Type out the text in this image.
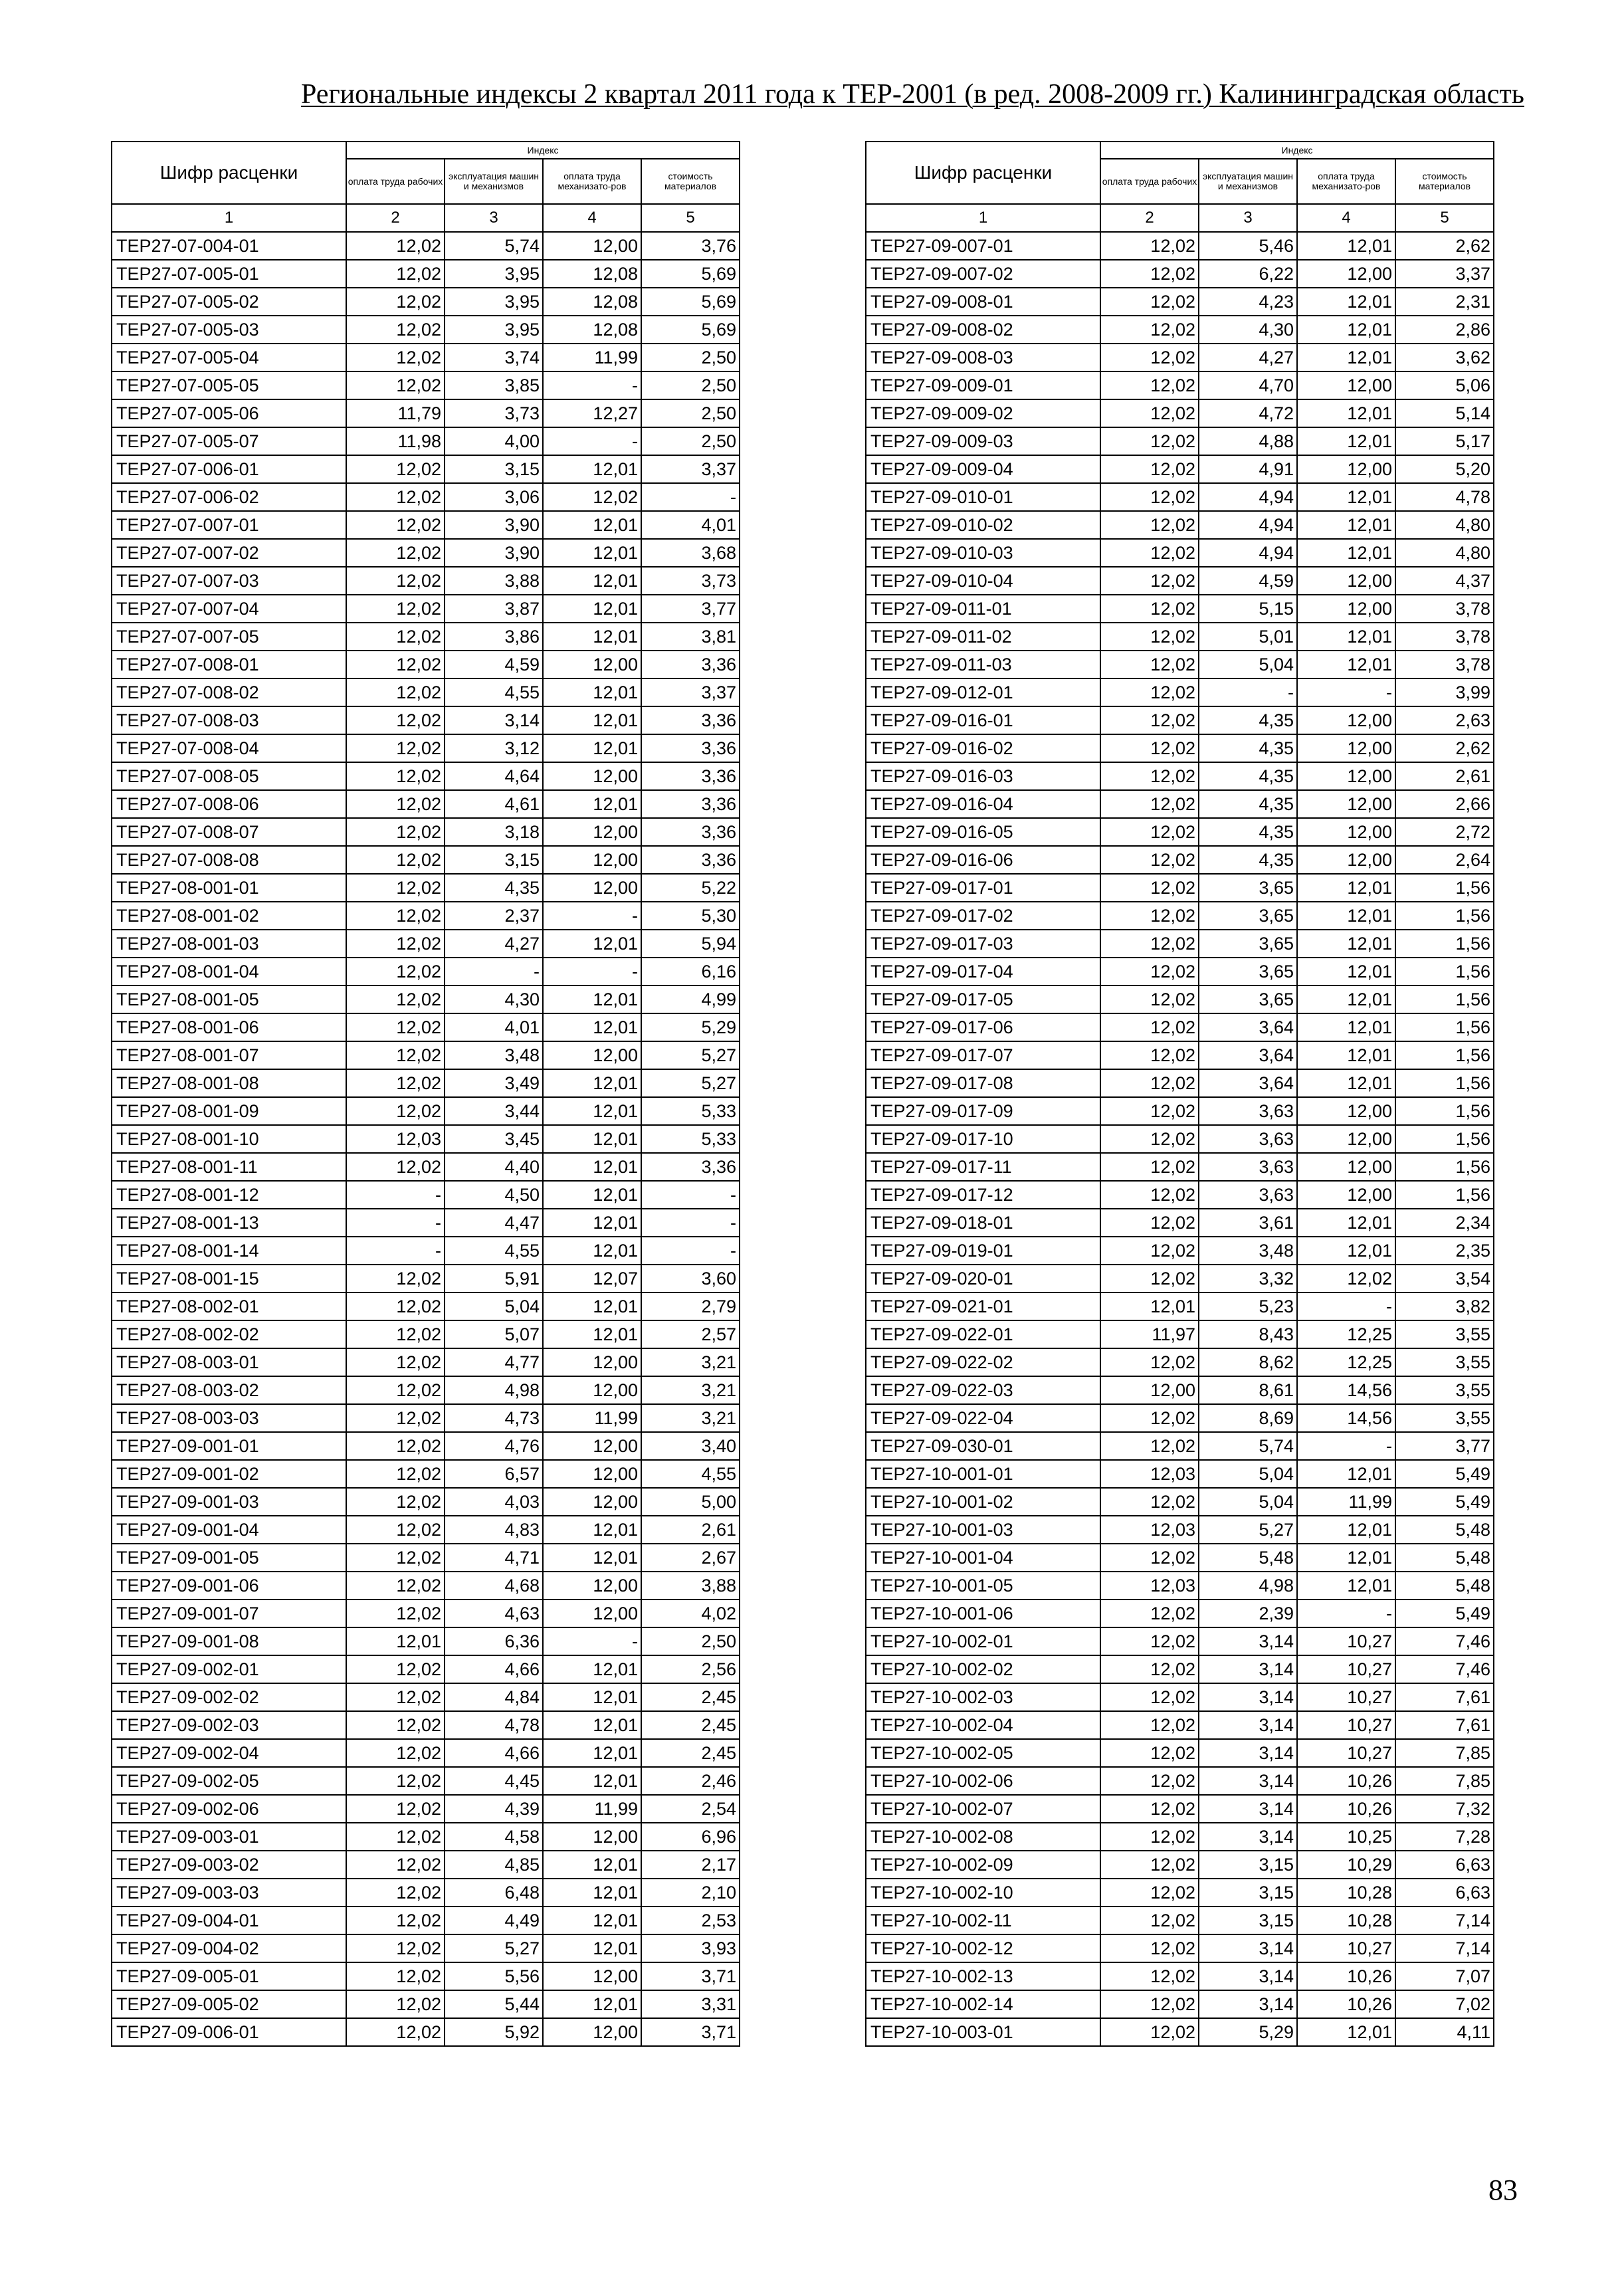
Региональные индексы 2 квартал 2011 года к ТЕР-2001 (в ред. 2008-2009 гг.) Калининградская область
Шифр расценки	Индекс			
	оплата труда рабочих	эксплуатация машин и механизмов	оплата труда механизато-ров	стоимость материалов
1	2	3	4	5
ТЕР27-07-004-01	12,02	5,74	12,00	3,76
ТЕР27-07-005-01	12,02	3,95	12,08	5,69
ТЕР27-07-005-02	12,02	3,95	12,08	5,69
ТЕР27-07-005-03	12,02	3,95	12,08	5,69
ТЕР27-07-005-04	12,02	3,74	11,99	2,50
ТЕР27-07-005-05	12,02	3,85	-	2,50
ТЕР27-07-005-06	11,79	3,73	12,27	2,50
ТЕР27-07-005-07	11,98	4,00	-	2,50
ТЕР27-07-006-01	12,02	3,15	12,01	3,37
ТЕР27-07-006-02	12,02	3,06	12,02	-
ТЕР27-07-007-01	12,02	3,90	12,01	4,01
ТЕР27-07-007-02	12,02	3,90	12,01	3,68
ТЕР27-07-007-03	12,02	3,88	12,01	3,73
ТЕР27-07-007-04	12,02	3,87	12,01	3,77
ТЕР27-07-007-05	12,02	3,86	12,01	3,81
ТЕР27-07-008-01	12,02	4,59	12,00	3,36
ТЕР27-07-008-02	12,02	4,55	12,01	3,37
ТЕР27-07-008-03	12,02	3,14	12,01	3,36
ТЕР27-07-008-04	12,02	3,12	12,01	3,36
ТЕР27-07-008-05	12,02	4,64	12,00	3,36
ТЕР27-07-008-06	12,02	4,61	12,01	3,36
ТЕР27-07-008-07	12,02	3,18	12,00	3,36
ТЕР27-07-008-08	12,02	3,15	12,00	3,36
ТЕР27-08-001-01	12,02	4,35	12,00	5,22
ТЕР27-08-001-02	12,02	2,37	-	5,30
ТЕР27-08-001-03	12,02	4,27	12,01	5,94
ТЕР27-08-001-04	12,02	-	-	6,16
ТЕР27-08-001-05	12,02	4,30	12,01	4,99
ТЕР27-08-001-06	12,02	4,01	12,01	5,29
ТЕР27-08-001-07	12,02	3,48	12,00	5,27
ТЕР27-08-001-08	12,02	3,49	12,01	5,27
ТЕР27-08-001-09	12,02	3,44	12,01	5,33
ТЕР27-08-001-10	12,03	3,45	12,01	5,33
ТЕР27-08-001-11	12,02	4,40	12,01	3,36
ТЕР27-08-001-12	-	4,50	12,01	-
ТЕР27-08-001-13	-	4,47	12,01	-
ТЕР27-08-001-14	-	4,55	12,01	-
ТЕР27-08-001-15	12,02	5,91	12,07	3,60
ТЕР27-08-002-01	12,02	5,04	12,01	2,79
ТЕР27-08-002-02	12,02	5,07	12,01	2,57
ТЕР27-08-003-01	12,02	4,77	12,00	3,21
ТЕР27-08-003-02	12,02	4,98	12,00	3,21
ТЕР27-08-003-03	12,02	4,73	11,99	3,21
ТЕР27-09-001-01	12,02	4,76	12,00	3,40
ТЕР27-09-001-02	12,02	6,57	12,00	4,55
ТЕР27-09-001-03	12,02	4,03	12,00	5,00
ТЕР27-09-001-04	12,02	4,83	12,01	2,61
ТЕР27-09-001-05	12,02	4,71	12,01	2,67
ТЕР27-09-001-06	12,02	4,68	12,00	3,88
ТЕР27-09-001-07	12,02	4,63	12,00	4,02
ТЕР27-09-001-08	12,01	6,36	-	2,50
ТЕР27-09-002-01	12,02	4,66	12,01	2,56
ТЕР27-09-002-02	12,02	4,84	12,01	2,45
ТЕР27-09-002-03	12,02	4,78	12,01	2,45
ТЕР27-09-002-04	12,02	4,66	12,01	2,45
ТЕР27-09-002-05	12,02	4,45	12,01	2,46
ТЕР27-09-002-06	12,02	4,39	11,99	2,54
ТЕР27-09-003-01	12,02	4,58	12,00	6,96
ТЕР27-09-003-02	12,02	4,85	12,01	2,17
ТЕР27-09-003-03	12,02	6,48	12,01	2,10
ТЕР27-09-004-01	12,02	4,49	12,01	2,53
ТЕР27-09-004-02	12,02	5,27	12,01	3,93
ТЕР27-09-005-01	12,02	5,56	12,00	3,71
ТЕР27-09-005-02	12,02	5,44	12,01	3,31
ТЕР27-09-006-01	12,02	5,92	12,00	3,71
Шифр расценки	Индекс			
	оплата труда рабочих	эксплуатация машин и механизмов	оплата труда механизато-ров	стоимость материалов
1	2	3	4	5
ТЕР27-09-007-01	12,02	5,46	12,01	2,62
ТЕР27-09-007-02	12,02	6,22	12,00	3,37
ТЕР27-09-008-01	12,02	4,23	12,01	2,31
ТЕР27-09-008-02	12,02	4,30	12,01	2,86
ТЕР27-09-008-03	12,02	4,27	12,01	3,62
ТЕР27-09-009-01	12,02	4,70	12,00	5,06
ТЕР27-09-009-02	12,02	4,72	12,01	5,14
ТЕР27-09-009-03	12,02	4,88	12,01	5,17
ТЕР27-09-009-04	12,02	4,91	12,00	5,20
ТЕР27-09-010-01	12,02	4,94	12,01	4,78
ТЕР27-09-010-02	12,02	4,94	12,01	4,80
ТЕР27-09-010-03	12,02	4,94	12,01	4,80
ТЕР27-09-010-04	12,02	4,59	12,00	4,37
ТЕР27-09-011-01	12,02	5,15	12,00	3,78
ТЕР27-09-011-02	12,02	5,01	12,01	3,78
ТЕР27-09-011-03	12,02	5,04	12,01	3,78
ТЕР27-09-012-01	12,02	-	-	3,99
ТЕР27-09-016-01	12,02	4,35	12,00	2,63
ТЕР27-09-016-02	12,02	4,35	12,00	2,62
ТЕР27-09-016-03	12,02	4,35	12,00	2,61
ТЕР27-09-016-04	12,02	4,35	12,00	2,66
ТЕР27-09-016-05	12,02	4,35	12,00	2,72
ТЕР27-09-016-06	12,02	4,35	12,00	2,64
ТЕР27-09-017-01	12,02	3,65	12,01	1,56
ТЕР27-09-017-02	12,02	3,65	12,01	1,56
ТЕР27-09-017-03	12,02	3,65	12,01	1,56
ТЕР27-09-017-04	12,02	3,65	12,01	1,56
ТЕР27-09-017-05	12,02	3,65	12,01	1,56
ТЕР27-09-017-06	12,02	3,64	12,01	1,56
ТЕР27-09-017-07	12,02	3,64	12,01	1,56
ТЕР27-09-017-08	12,02	3,64	12,01	1,56
ТЕР27-09-017-09	12,02	3,63	12,00	1,56
ТЕР27-09-017-10	12,02	3,63	12,00	1,56
ТЕР27-09-017-11	12,02	3,63	12,00	1,56
ТЕР27-09-017-12	12,02	3,63	12,00	1,56
ТЕР27-09-018-01	12,02	3,61	12,01	2,34
ТЕР27-09-019-01	12,02	3,48	12,01	2,35
ТЕР27-09-020-01	12,02	3,32	12,02	3,54
ТЕР27-09-021-01	12,01	5,23	-	3,82
ТЕР27-09-022-01	11,97	8,43	12,25	3,55
ТЕР27-09-022-02	12,02	8,62	12,25	3,55
ТЕР27-09-022-03	12,00	8,61	14,56	3,55
ТЕР27-09-022-04	12,02	8,69	14,56	3,55
ТЕР27-09-030-01	12,02	5,74	-	3,77
ТЕР27-10-001-01	12,03	5,04	12,01	5,49
ТЕР27-10-001-02	12,02	5,04	11,99	5,49
ТЕР27-10-001-03	12,03	5,27	12,01	5,48
ТЕР27-10-001-04	12,02	5,48	12,01	5,48
ТЕР27-10-001-05	12,03	4,98	12,01	5,48
ТЕР27-10-001-06	12,02	2,39	-	5,49
ТЕР27-10-002-01	12,02	3,14	10,27	7,46
ТЕР27-10-002-02	12,02	3,14	10,27	7,46
ТЕР27-10-002-03	12,02	3,14	10,27	7,61
ТЕР27-10-002-04	12,02	3,14	10,27	7,61
ТЕР27-10-002-05	12,02	3,14	10,27	7,85
ТЕР27-10-002-06	12,02	3,14	10,26	7,85
ТЕР27-10-002-07	12,02	3,14	10,26	7,32
ТЕР27-10-002-08	12,02	3,14	10,25	7,28
ТЕР27-10-002-09	12,02	3,15	10,29	6,63
ТЕР27-10-002-10	12,02	3,15	10,28	6,63
ТЕР27-10-002-11	12,02	3,15	10,28	7,14
ТЕР27-10-002-12	12,02	3,14	10,27	7,14
ТЕР27-10-002-13	12,02	3,14	10,26	7,07
ТЕР27-10-002-14	12,02	3,14	10,26	7,02
ТЕР27-10-003-01	12,02	5,29	12,01	4,11
83
